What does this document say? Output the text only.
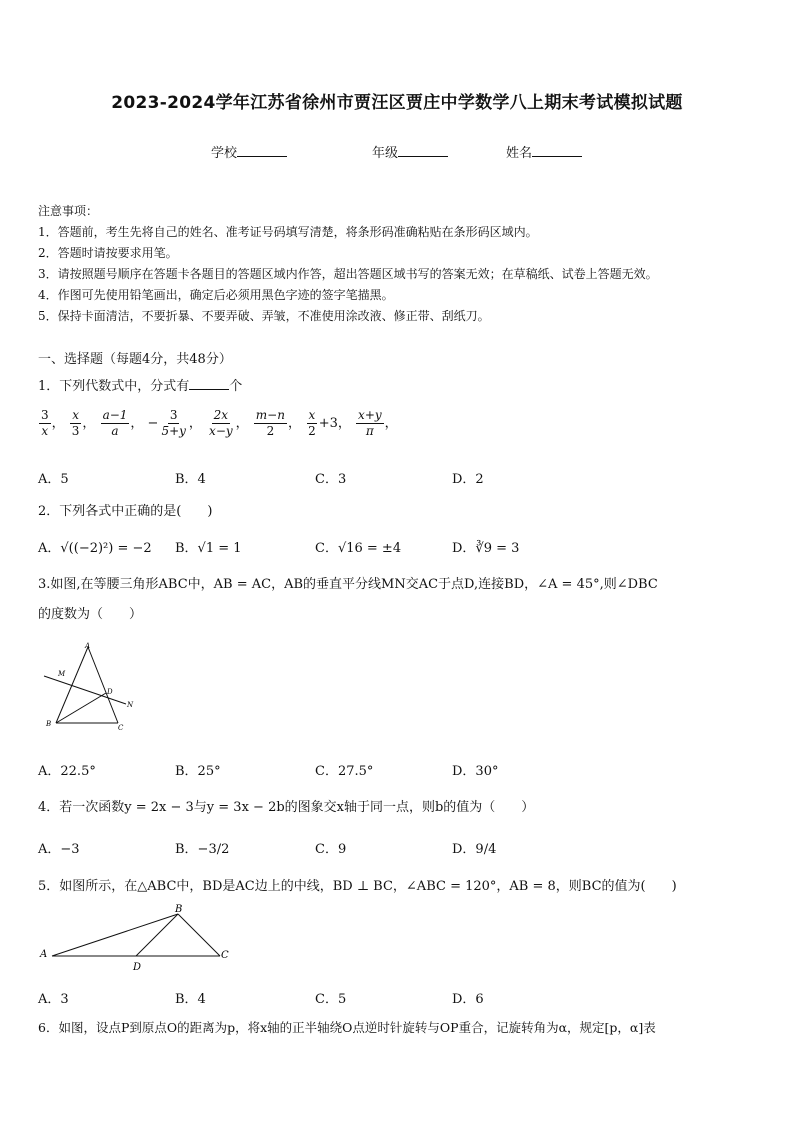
2023-2024学年江苏省徐州市贾汪区贾庄中学数学八上期末考试模拟试题
学校	年级	姓名
注意事项：
1．答题前，考生先将自己的姓名、准考证号码填写清楚，将条形码准确粘贴在条形码区域内。
2．答题时请按要求用笔。
3．请按照题号顺序在答题卡各题目的答题区域内作答，超出答题区域书写的答案无效；在草稿纸、试卷上答题无效。
4．作图可先使用铅笔画出，确定后必须用黑色字迹的签字笔描黑。
5．保持卡面清洁，不要折暴、不要弄破、弄皱，不准使用涂改液、修正带、刮纸刀。
一、选择题（每题4分，共48分）
1．下列代数式中，分式有	个
$\frac{3}{x}$ ， $\frac{x}{3}$ ， $\frac{a-1}{a}$ ， − $\frac{3}{5+y}$ ， $\frac{2x}{x-y}$ ， $\frac{m-n}{2}$ ， $\frac{x}{2} +3$， $\frac{x+y}{\pi}$ ，
A．5	B．4	C．3	D．2
2．下列各式中正确的是(　　)
A．√((−2)²) = −2 B．√1 = 1	C．√16 = ±4	D．∛9 = 3
3.如图,在等腰三角形ABC中，AB = AC，AB的垂直平分线MN交AC于点D,连接BD，∠A = 45°,则∠DBC
的度数为（　　）
A
M
D
N
B	C
A．22.5°	B．25°	C．27.5°	D．30°
4．若一次函数y = 2x − 3与y = 3x − 2b的图象交x轴于同一点，则b的值为（　　）
A．−3	B．−3/2	C．9	D．9/4
5．如图所示，在△ABC中，BD是AC边上的中线，BD ⊥ BC，∠ABC = 120°，AB = 8，则BC的值为(　　)
B
A
D
C
A．3	B．4	C．5	D．6
6．如图，设点P到原点O的距离为p，将x轴的正半轴绕O点逆时针旋转与OP重合，记旋转角为α，规定[p，α]表
